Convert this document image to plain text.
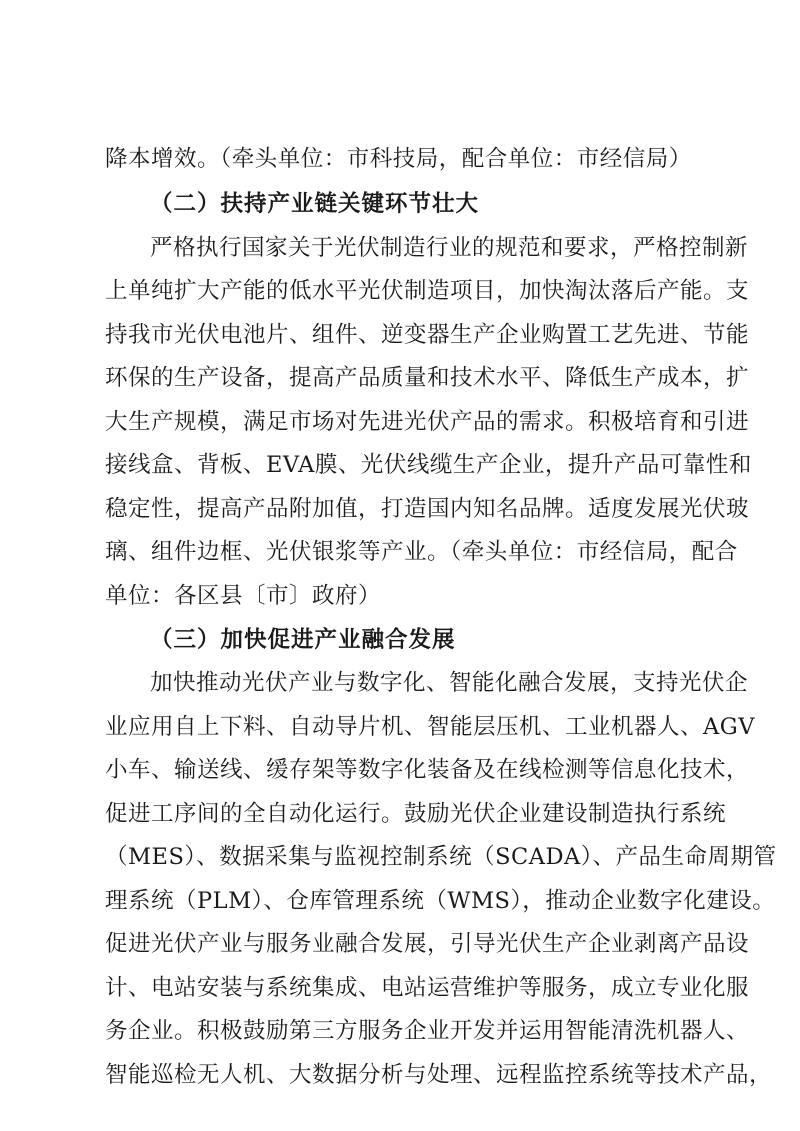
降本增效。（牵头单位：市科技局，配合单位：市经信局）
（二）扶持产业链关键环节壮大
严格执行国家关于光伏制造行业的规范和要求，严格控制新
上单纯扩大产能的低水平光伏制造项目，加快淘汰落后产能。支
持我市光伏电池片、组件、逆变器生产企业购置工艺先进、节能
环保的生产设备，提高产品质量和技术水平、降低生产成本，扩
大生产规模，满足市场对先进光伏产品的需求。积极培育和引进
接线盒、背板、EVA膜、光伏线缆生产企业，提升产品可靠性和
稳定性，提高产品附加值，打造国内知名品牌。适度发展光伏玻
璃、组件边框、光伏银浆等产业。（牵头单位：市经信局，配合
单位：各区县〔市〕政府）
（三）加快促进产业融合发展
加快推动光伏产业与数字化、智能化融合发展，支持光伏企
业应用自上下料、自动导片机、智能层压机、工业机器人、AGV
小车、输送线、缓存架等数字化装备及在线检测等信息化技术，
促进工序间的全自动化运行。鼓励光伏企业建设制造执行系统
（MES）、数据采集与监视控制系统（SCADA）、产品生命周期管
理系统（PLM）、仓库管理系统（WMS），推动企业数字化建设。
促进光伏产业与服务业融合发展，引导光伏生产企业剥离产品设
计、电站安装与系统集成、电站运营维护等服务，成立专业化服
务企业。积极鼓励第三方服务企业开发并运用智能清洗机器人、
智能巡检无人机、大数据分析与处理、远程监控系统等技术产品，
